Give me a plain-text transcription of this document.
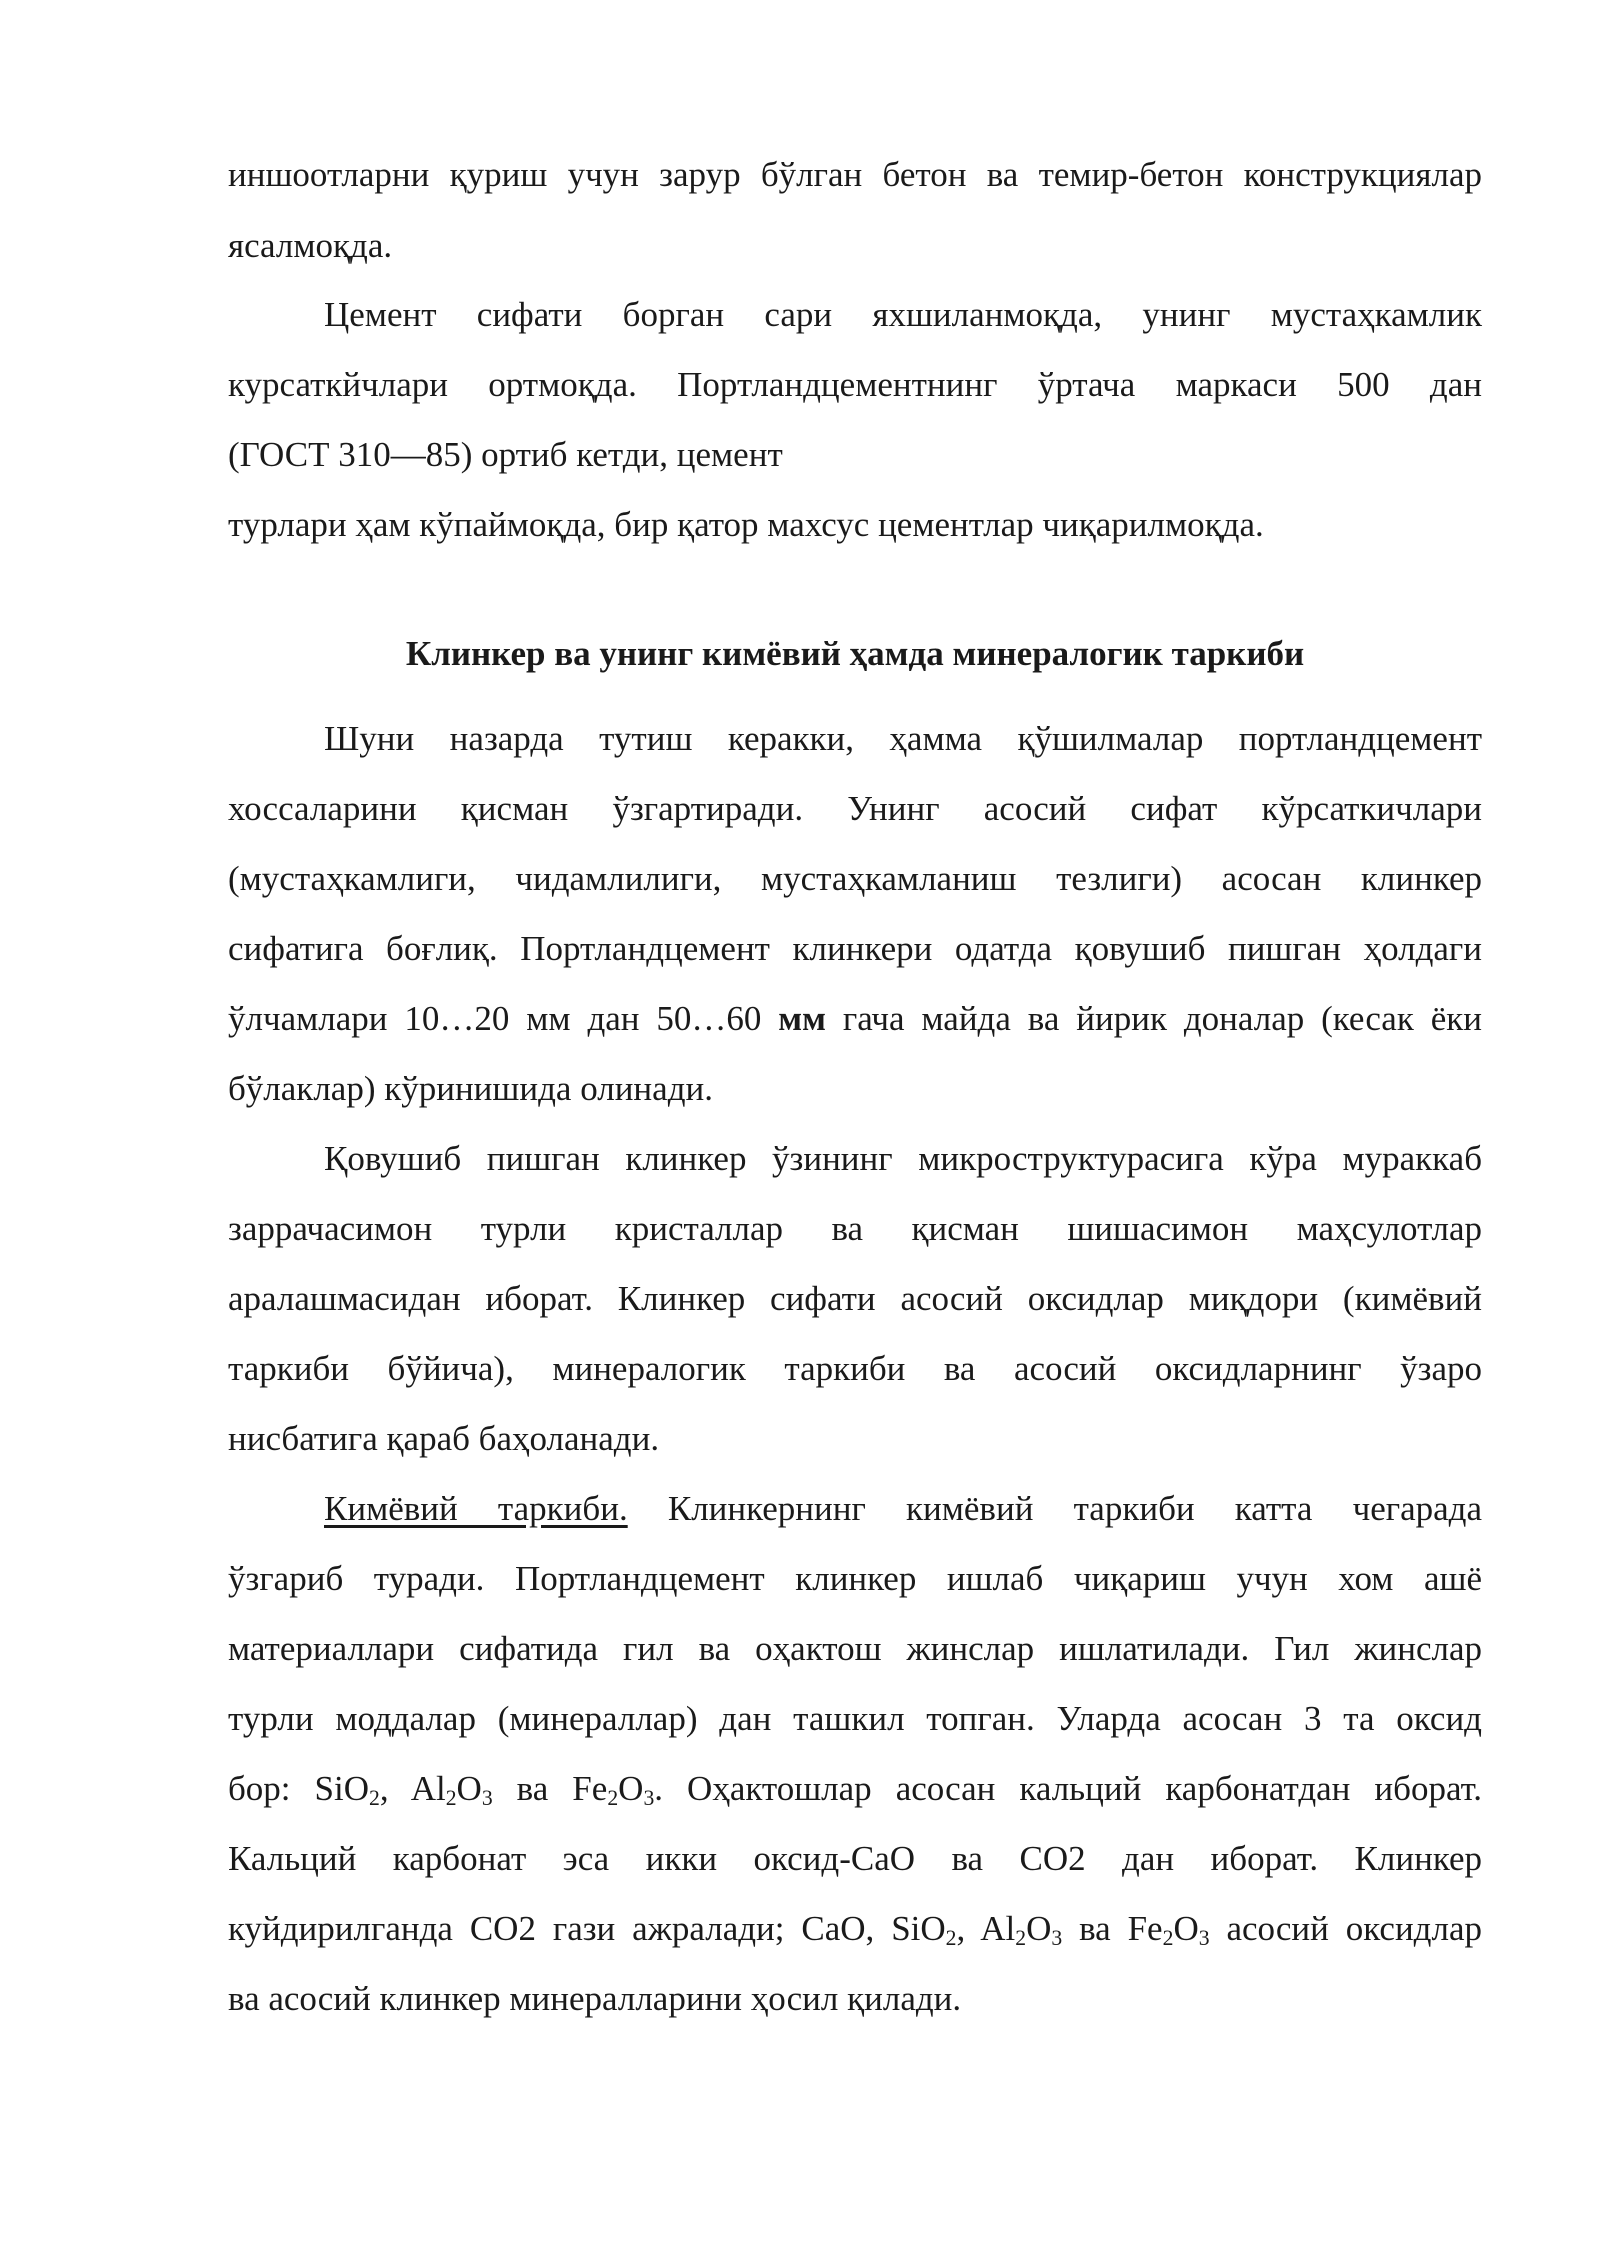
иншоотларни қуриш учун зарур бўлган бетон ва темир-бетон конструкциялар
ясалмоқда.
Цемент сифати борган сари яхшиланмоқда, унинг мустаҳкамлик
курсаткйчлари ортмоқда. Портландцементнинг ўртача маркаси 500 дан
(ГОСТ 310—85) ортиб кетди, цемент
турлари ҳам кўпаймоқда, бир қатор махсус цементлар чиқарилмоқда.
Клинкер ва унинг кимёвий ҳамда минералогик таркиби
Шуни назарда тутиш керакки, ҳамма қўшилмалар портландцемент
хоссаларини қисман ўзгартиради. Унинг асосий сифат кўрсаткичлари
(мустаҳкамлиги, чидамлилиги, мустаҳкамланиш тезлиги) асосан клинкер
сифатига боғлиқ. Портландцемент клинкери одатда қовушиб пишган ҳолдаги
ўлчамлари 10…20 мм дан 50…60 мм гача майда ва йирик доналар (кесак ёки
бўлаклар) кўринишида олинади.
Қовушиб пишган клинкер ўзининг микроструктурасига кўра мураккаб
заррачасимон турли кристаллар ва қисман шишасимон маҳсулотлар
аралашмасидан иборат. Клинкер сифати асосий оксидлар миқдори (кимёвий
таркиби бўйича), минералогик таркиби ва асосий оксидларнинг ўзаро
нисбатига қараб баҳоланади.
Кимёвий таркиби. Клинкернинг кимёвий таркиби катта чегарада
ўзгариб туради. Портландцемент клинкер ишлаб чиқариш учун хом ашё
материаллари сифатида гил ва оҳактош жинслар ишлатилади. Гил жинслар
турли моддалар (минераллар) дан ташкил топган. Уларда асосан 3 та оксид
бор: SiO$_2$, $Al_2O_3$ ва $Fe_2O_3$. Оҳактошлар асосан кальций карбонатдан иборат.
Кальций карбонат эса икки оксид-CaO ва CO2 дан иборат. Клинкер
куйдирилганда CO2 гази ажралади; CaO, SiO$_2$, $Al_2O_3$ ва $Fe_2O_3$ асосий оксидлар
ва асосий клинкер минералларини ҳосил қилади.
